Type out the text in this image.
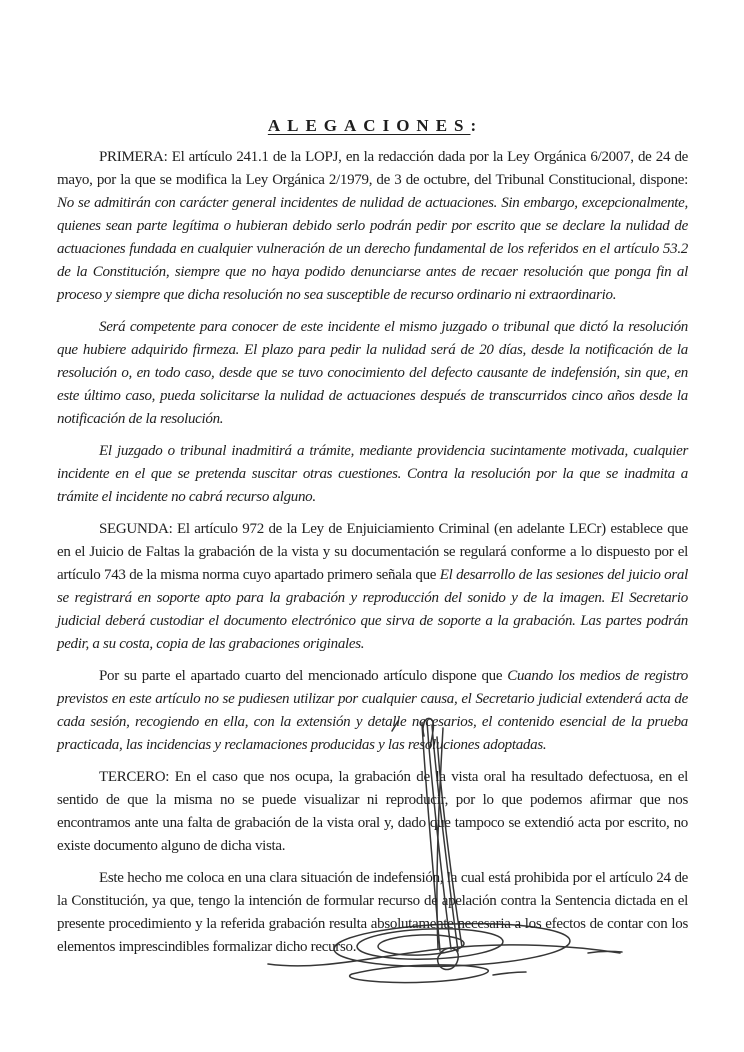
ALEGACIONES:

PRIMERA: El artículo 241.1 de la LOPJ, en la redacción dada por la Ley Orgánica 6/2007, de 24 de mayo, por la que se modifica la Ley Orgánica 2/1979, de 3 de octubre, del Tribunal Constitucional, dispone: No se admitirán con carácter general incidentes de nulidad de actuaciones. Sin embargo, excepcionalmente, quienes sean parte legítima o hubieran debido serlo podrán pedir por escrito que se declare la nulidad de actuaciones fundada en cualquier vulneración de un derecho fundamental de los referidos en el artículo 53.2 de la Constitución, siempre que no haya podido denunciarse antes de recaer resolución que ponga fin al proceso y siempre que dicha resolución no sea susceptible de recurso ordinario ni extraordinario.

Será competente para conocer de este incidente el mismo juzgado o tribunal que dictó la resolución que hubiere adquirido firmeza. El plazo para pedir la nulidad será de 20 días, desde la notificación de la resolución o, en todo caso, desde que se tuvo conocimiento del defecto causante de indefensión, sin que, en este último caso, pueda solicitarse la nulidad de actuaciones después de transcurridos cinco años desde la notificación de la resolución.

El juzgado o tribunal inadmitirá a trámite, mediante providencia sucintamente motivada, cualquier incidente en el que se pretenda suscitar otras cuestiones. Contra la resolución por la que se inadmita a trámite el incidente no cabrá recurso alguno.

SEGUNDA: El artículo 972 de la Ley de Enjuiciamiento Criminal (en adelante LECr) establece que en el Juicio de Faltas la grabación de la vista y su documentación se regulará conforme a lo dispuesto por el artículo 743 de la misma norma cuyo apartado primero señala que El desarrollo de las sesiones del juicio oral se registrará en soporte apto para la grabación y reproducción del sonido y de la imagen. El Secretario judicial deberá custodiar el documento electrónico que sirva de soporte a la grabación. Las partes podrán pedir, a su costa, copia de las grabaciones originales.

Por su parte el apartado cuarto del mencionado artículo dispone que Cuando los medios de registro previstos en este artículo no se pudiesen utilizar por cualquier causa, el Secretario judicial extenderá acta de cada sesión, recogiendo en ella, con la extensión y detalle necesarios, el contenido esencial de la prueba practicada, las incidencias y reclamaciones producidas y las resoluciones adoptadas.

TERCERO: En el caso que nos ocupa, la grabación de la vista oral ha resultado defectuosa, en el sentido de que la misma no se puede visualizar ni reproducir, por lo que podemos afirmar que nos encontramos ante una falta de grabación de la vista oral y, dado que tampoco se extendió acta por escrito, no existe documento alguno de dicha vista.

Este hecho me coloca en una clara situación de indefensión, la cual está prohibida por el artículo 24 de la Constitución, ya que, tengo la intención de formular recurso de apelación contra la Sentencia dictada en el presente procedimiento y la referida grabación resulta absolutamente necesaria a los efectos de contar con los elementos imprescindibles formalizar dicho recurso.
